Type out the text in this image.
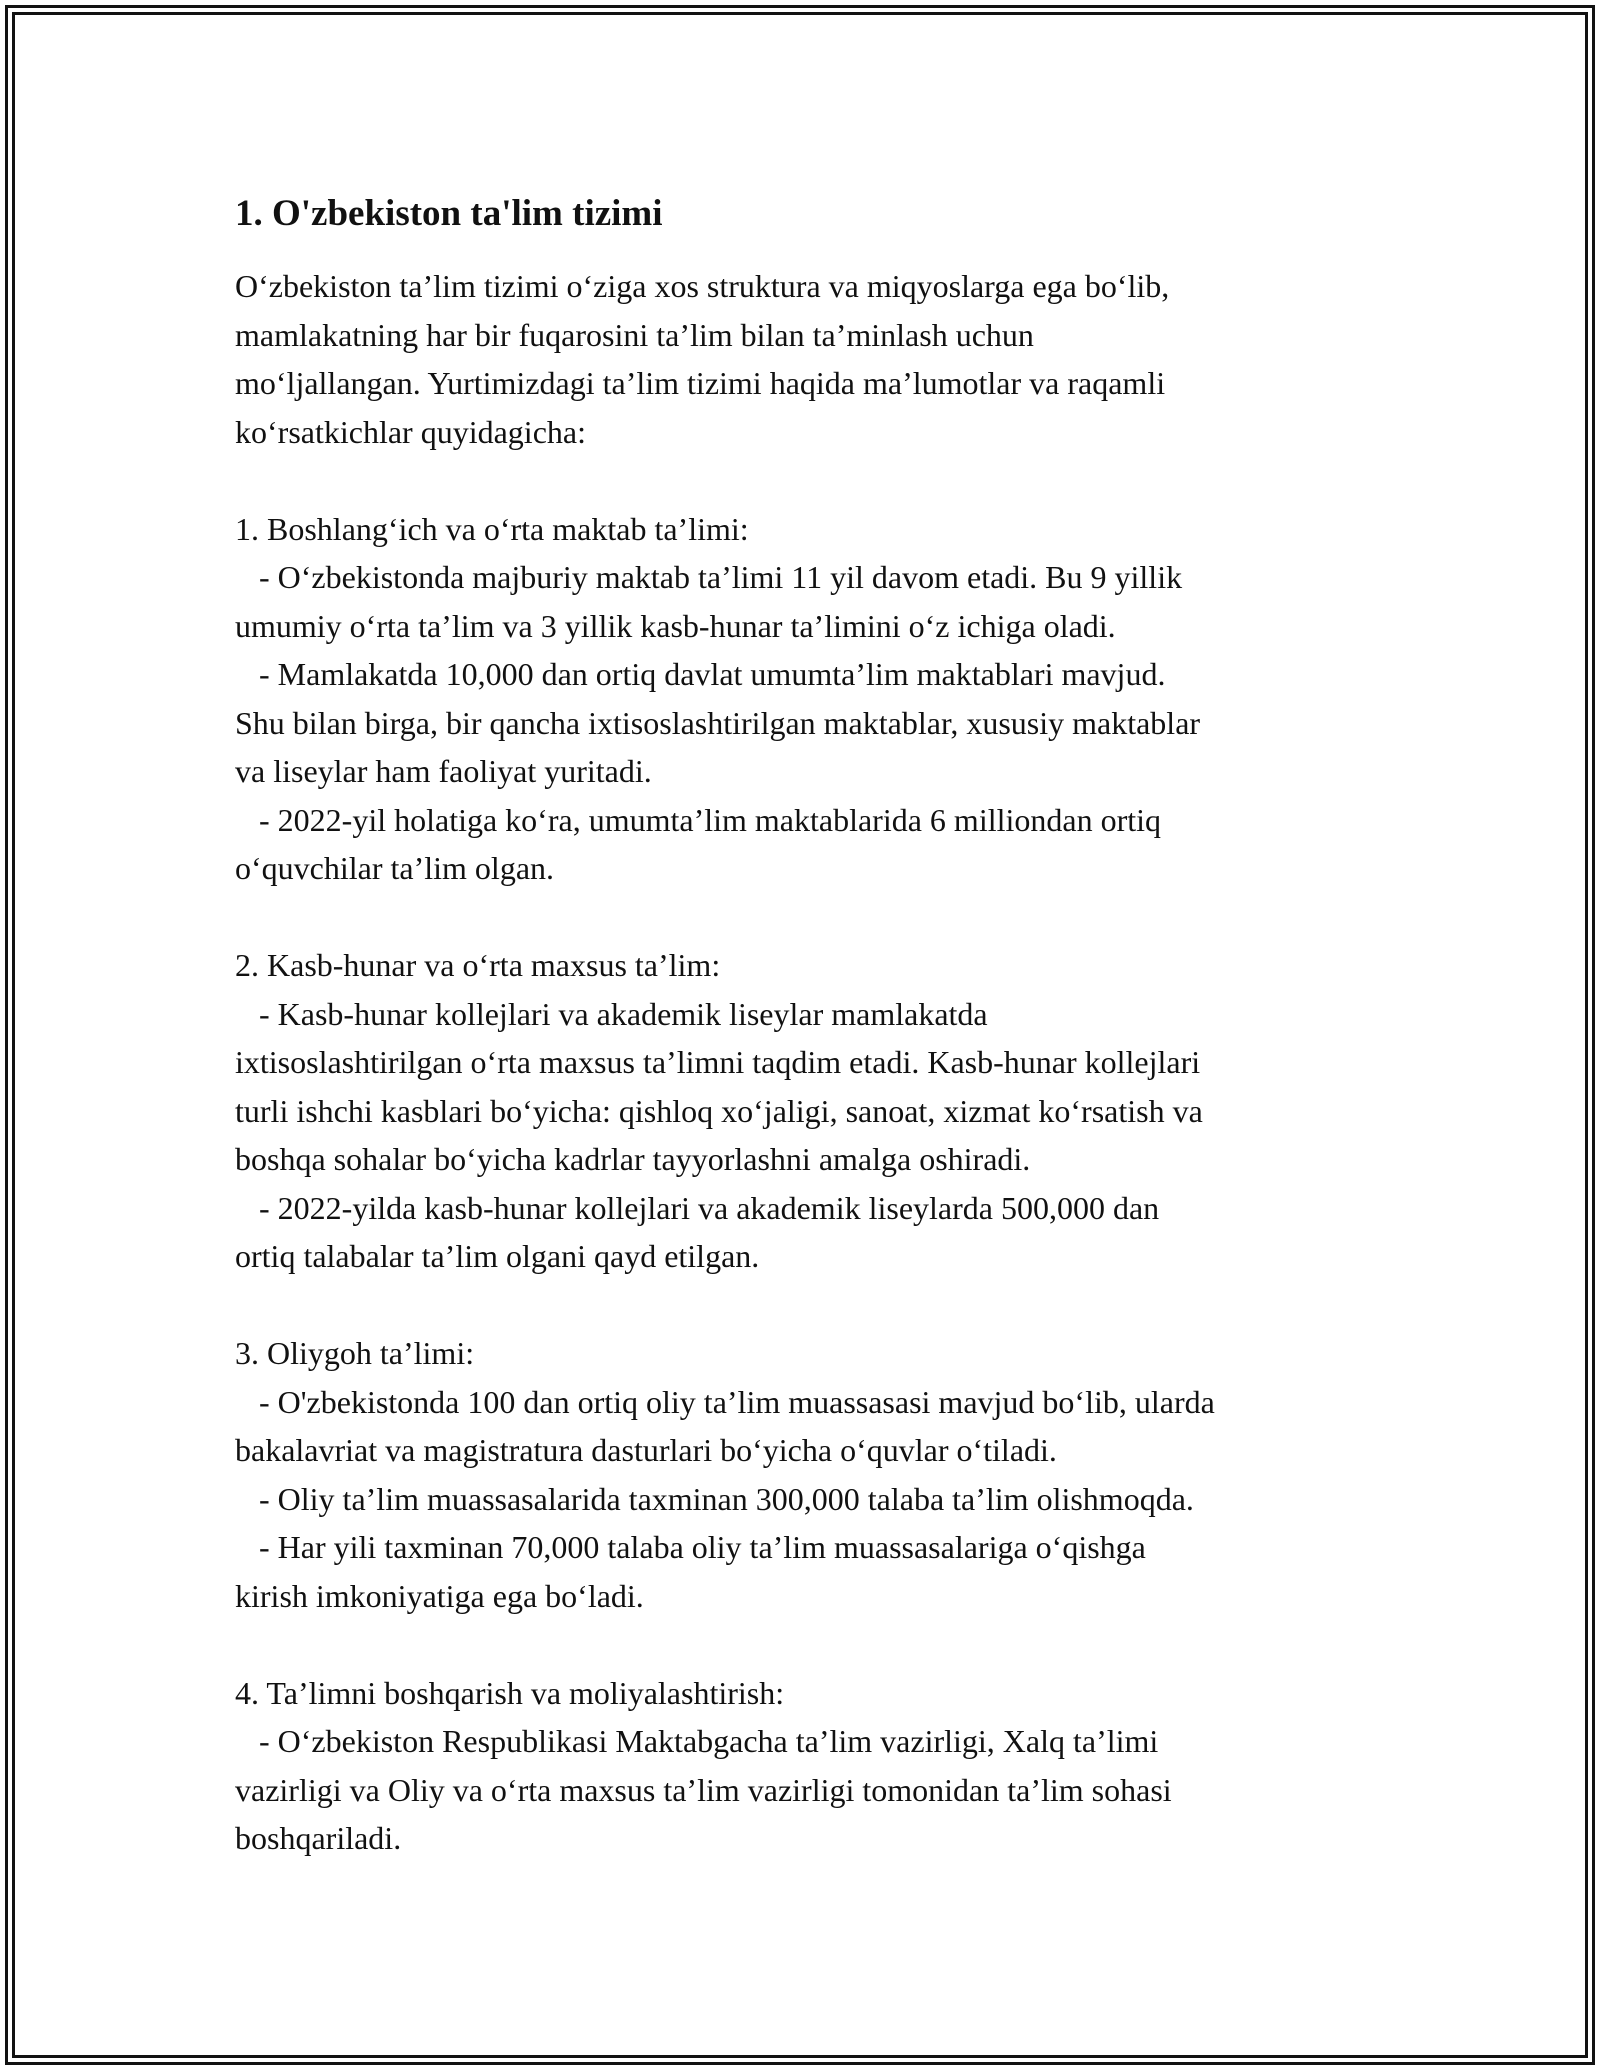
1. O'zbekiston ta'lim tizimi

O‘zbekiston ta’lim tizimi o‘ziga xos struktura va miqyoslarga ega bo‘lib,
mamlakatning har bir fuqarosini ta’lim bilan ta’minlash uchun
mo‘ljallangan. Yurtimizdagi ta’lim tizimi haqida ma’lumotlar va raqamli
ko‘rsatkichlar quyidagicha:

1. Boshlang‘ich va o‘rta maktab ta’limi:
- O‘zbekistonda majburiy maktab ta’limi 11 yil davom etadi. Bu 9 yillik
umumiy o‘rta ta’lim va 3 yillik kasb-hunar ta’limini o‘z ichiga oladi.
- Mamlakatda 10,000 dan ortiq davlat umumta’lim maktablari mavjud.
Shu bilan birga, bir qancha ixtisoslashtirilgan maktablar, xususiy maktablar
va liseylar ham faoliyat yuritadi.
- 2022-yil holatiga ko‘ra, umumta’lim maktablarida 6 milliondan ortiq
o‘quvchilar ta’lim olgan.

2. Kasb-hunar va o‘rta maxsus ta’lim:
- Kasb-hunar kollejlari va akademik liseylar mamlakatda
ixtisoslashtirilgan o‘rta maxsus ta’limni taqdim etadi. Kasb-hunar kollejlari
turli ishchi kasblari bo‘yicha: qishloq xo‘jaligi, sanoat, xizmat ko‘rsatish va
boshqa sohalar bo‘yicha kadrlar tayyorlashni amalga oshiradi.
- 2022-yilda kasb-hunar kollejlari va akademik liseylarda 500,000 dan
ortiq talabalar ta’lim olgani qayd etilgan.

3. Oliygoh ta’limi:
- O'zbekistonda 100 dan ortiq oliy ta’lim muassasasi mavjud bo‘lib, ularda
bakalavriat va magistratura dasturlari bo‘yicha o‘quvlar o‘tiladi.
- Oliy ta’lim muassasalarida taxminan 300,000 talaba ta’lim olishmoqda.
- Har yili taxminan 70,000 talaba oliy ta’lim muassasalariga o‘qishga
kirish imkoniyatiga ega bo‘ladi.

4. Ta’limni boshqarish va moliyalashtirish:
- O‘zbekiston Respublikasi Maktabgacha ta’lim vazirligi, Xalq ta’limi
vazirligi va Oliy va o‘rta maxsus ta’lim vazirligi tomonidan ta’lim sohasi
boshqariladi.
